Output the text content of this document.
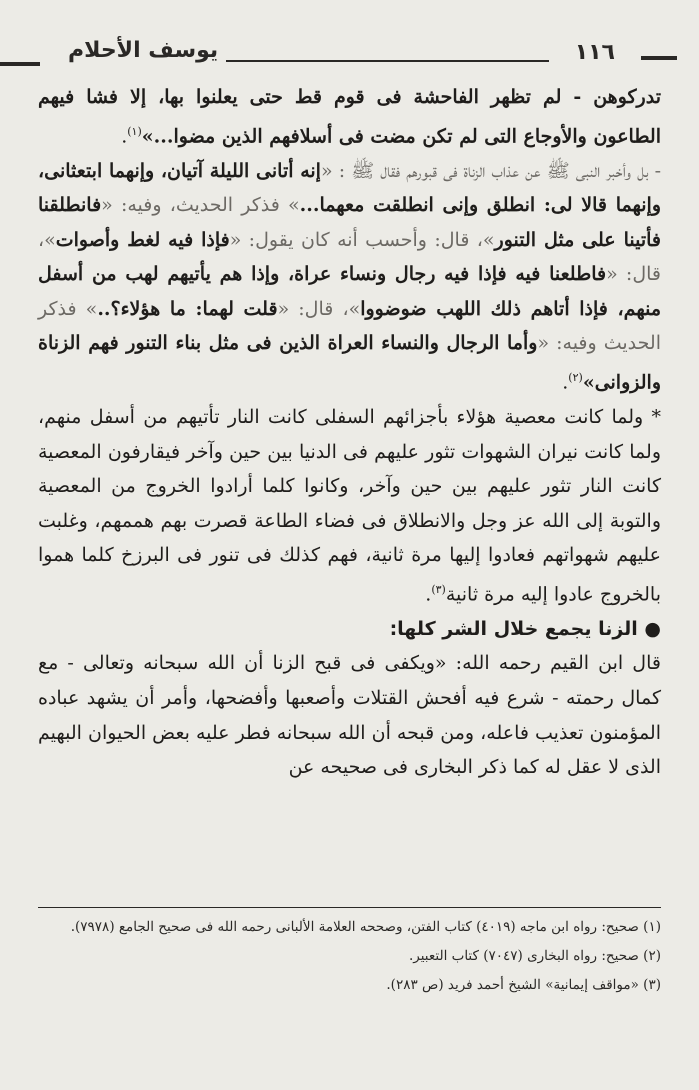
١١٦
يوسف الأحلام

تدركوهن - لم تظهر الفاحشة فى قوم قط حتى يعلنوا بها، إلا فشا فيهم الطاعون والأوجاع التى لم تكن مضت فى أسلافهم الذين مضوا...»$^{(١)}$.

- بل وأخبر النبى ﷺ عن عذاب الزناة فى قبورهم فقال ﷺ : «إنه أتانى الليلة آتيان، وإنهما ابتعثانى، وإنهما قالا لى: انطلق وإنى انطلقت معهما...» فذكر الحديث، وفيه: «فانطلقنا فأتينا على مثل التنور»، قال: وأحسب أنه كان يقول: «فإذا فيه لغط وأصوات»، قال: «فاطلعنا فيه فإذا فيه رجال ونساء عراة، وإذا هم يأتيهم لهب من أسفل منهم، فإذا أتاهم ذلك اللهب ضوضووا»، قال: «قلت لهما: ما هؤلاء؟..» فذكر الحديث وفيه: «وأما الرجال والنساء العراة الذين فى مثل بناء التنور فهم الزناة والزوانى»$^{(٢)}$.

* ولما كانت معصية هؤلاء بأجزائهم السفلى كانت النار تأتيهم من أسفل منهم، ولما كانت نيران الشهوات تثور عليهم فى الدنيا بين حين وآخر فيقارفون المعصية كانت النار تثور عليهم بين حين وآخر، وكانوا كلما أرادوا الخروج من المعصية والتوبة إلى الله عز وجل والانطلاق فى فضاء الطاعة قصرت بهم هممهم، وغلبت عليهم شهواتهم فعادوا إليها مرة ثانية، فهم كذلك فى تنور فى البرزخ كلما هموا بالخروج عادوا إليه مرة ثانية$^{(٣)}$.

● الزنا يجمع خلال الشر كلها:

قال ابن القيم رحمه الله: «ويكفى فى قبح الزنا أن الله سبحانه وتعالى - مع كمال رحمته - شرع فيه أفحش القتلات وأصعبها وأفضحها، وأمر أن يشهد عباده المؤمنون تعذيب فاعله، ومن قبحه أن الله سبحانه فطر عليه بعض الحيوان البهيم الذى لا عقل له كما ذكر البخارى فى صحيحه عن

(١) صحيح: رواه ابن ماجه (٤٠١٩) كتاب الفتن، وصححه العلامة الألبانى رحمه الله فى صحيح الجامع (٧٩٧٨).

(٢) صحيح: رواه البخارى (٧٠٤٧) كتاب التعبير.

(٣) «مواقف إيمانية» الشيخ أحمد فريد (ص ٢٨٣).
